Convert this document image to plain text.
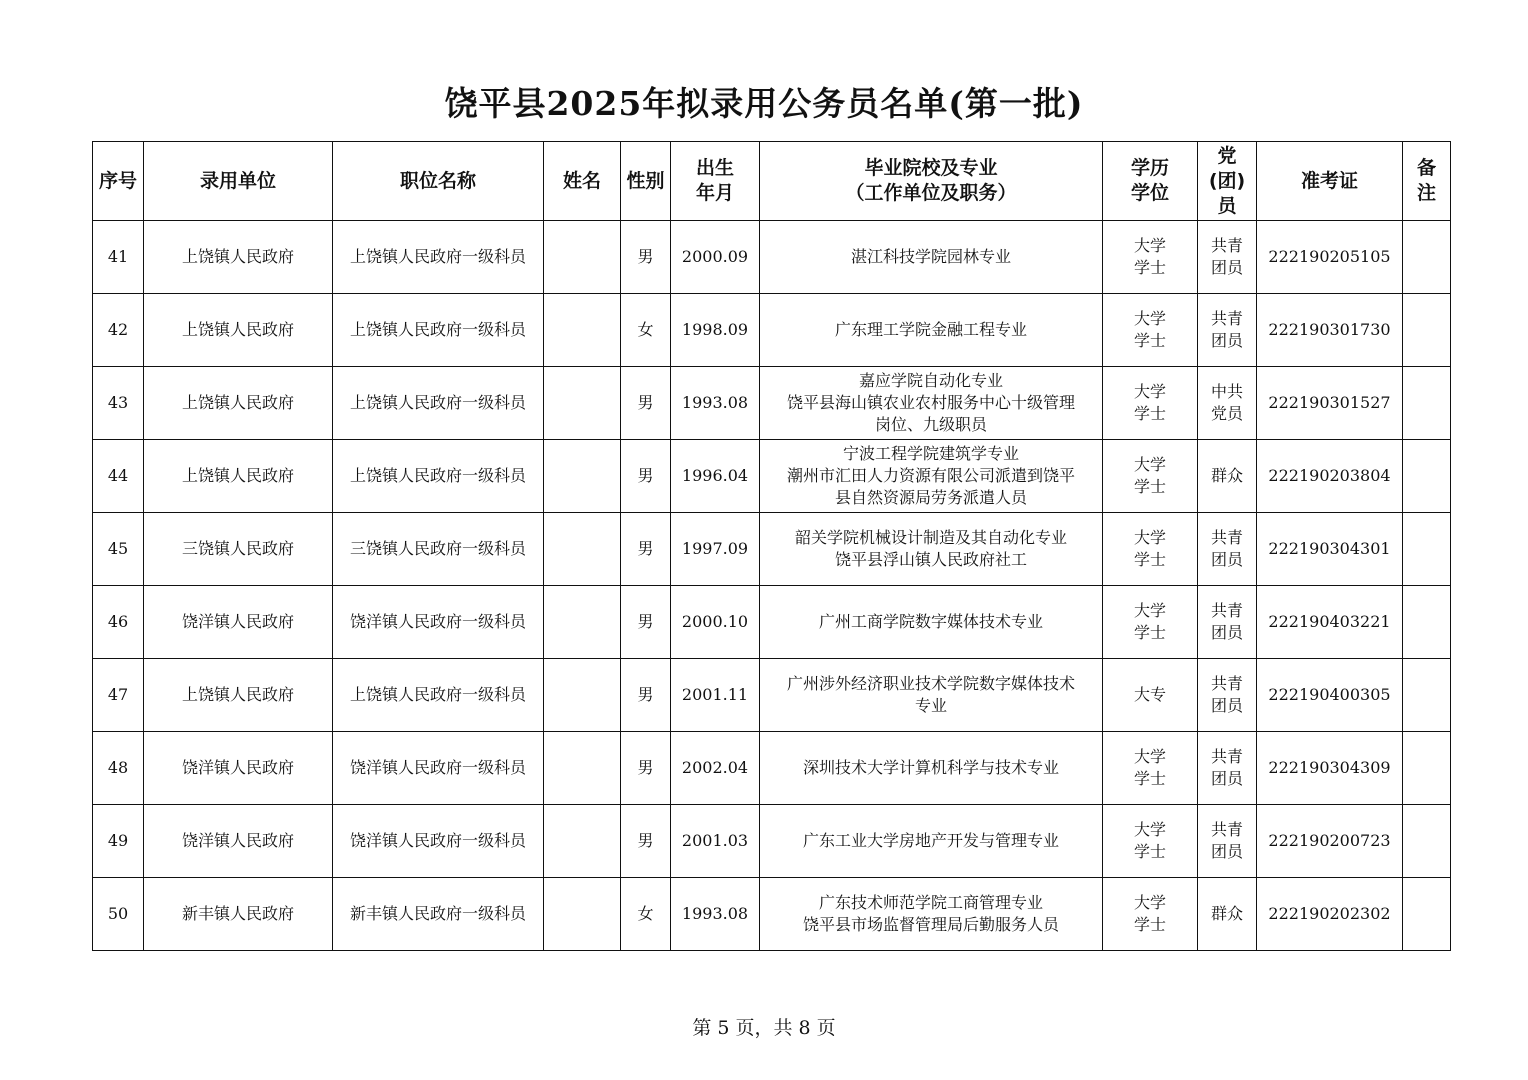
饶平县2025年拟录用公务员名单(第一批)
序号	录用单位	职位名称	姓名	性别	出生
年月	毕业院校及专业
（工作单位及职务）	学历
学位	党
(团)
员	准考证	备
注

41	上饶镇人民政府	上饶镇人民政府一级科员		男	2000.09	湛江科技学院园林专业	大学
学士	共青
团员	222190205105	

42	上饶镇人民政府	上饶镇人民政府一级科员		女	1998.09	广东理工学院金融工程专业	大学
学士	共青
团员	222190301730	

43	上饶镇人民政府	上饶镇人民政府一级科员		男	1993.08	嘉应学院自动化专业
饶平县海山镇农业农村服务中心十级管理
岗位、九级职员	大学
学士	中共
党员	222190301527	

44	上饶镇人民政府	上饶镇人民政府一级科员		男	1996.04	宁波工程学院建筑学专业
潮州市汇田人力资源有限公司派遣到饶平
县自然资源局劳务派遣人员	大学
学士	群众	222190203804	

45	三饶镇人民政府	三饶镇人民政府一级科员		男	1997.09	韶关学院机械设计制造及其自动化专业
饶平县浮山镇人民政府社工	大学
学士	共青
团员	222190304301	

46	饶洋镇人民政府	饶洋镇人民政府一级科员		男	2000.10	广州工商学院数字媒体技术专业	大学
学士	共青
团员	222190403221	

47	上饶镇人民政府	上饶镇人民政府一级科员		男	2001.11	广州涉外经济职业技术学院数字媒体技术
专业	大专	共青
团员	222190400305	

48	饶洋镇人民政府	饶洋镇人民政府一级科员		男	2002.04	深圳技术大学计算机科学与技术专业	大学
学士	共青
团员	222190304309	

49	饶洋镇人民政府	饶洋镇人民政府一级科员		男	2001.03	广东工业大学房地产开发与管理专业	大学
学士	共青
团员	222190200723	

50	新丰镇人民政府	新丰镇人民政府一级科员		女	1993.08	广东技术师范学院工商管理专业
饶平县市场监督管理局后勤服务人员	大学
学士	群众	222190202302	

第 5 页，共 8 页
